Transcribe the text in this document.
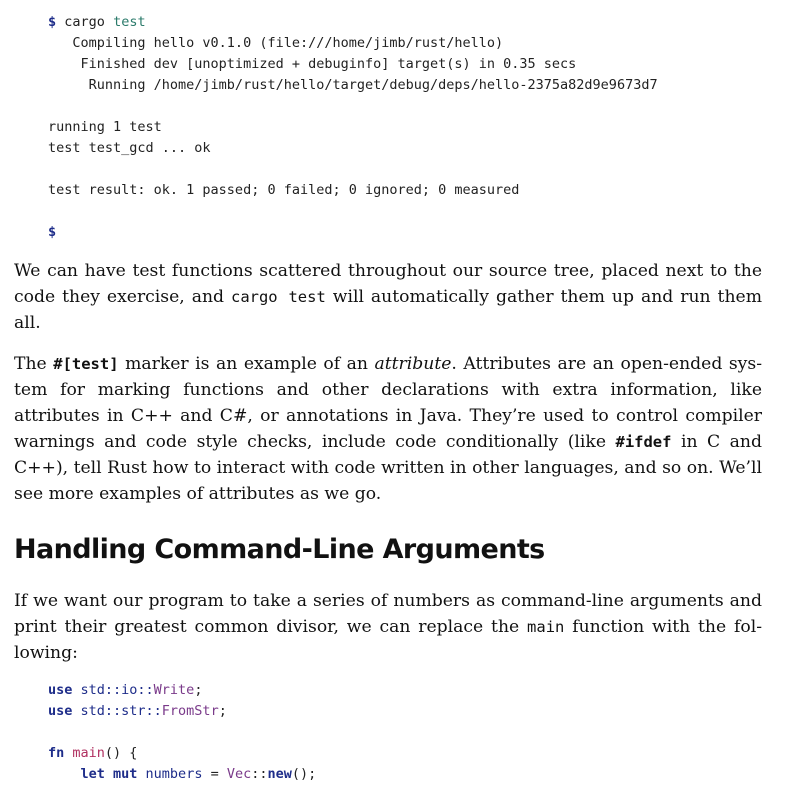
$ cargo test
Compiling hello v0.1.0 (file:///home/jimb/rust/hello)
Finished dev [unoptimized + debuginfo] target(s) in 0.35 secs
Running /home/jimb/rust/hello/target/debug/deps/hello-2375a82d9e9673d7
running 1 test
test test_gcd ... ok
test result: ok. 1 passed; 0 failed; 0 ignored; 0 measured
$

We can have test functions scattered throughout our source tree, placed next to the code they exercise, and cargo test will automatically gather them up and run them all.

The #[test] marker is an example of an attribute. Attributes are an open-ended system for marking functions and other declarations with extra information, like attributes in C++ and C#, or annotations in Java. They’re used to control compiler warnings and code style checks, include code conditionally (like #ifdef in C and C++), tell Rust how to interact with code written in other languages, and so on. We’ll see more examples of attributes as we go.

Handling Command-Line Arguments

If we want our program to take a series of numbers as command-line arguments and print their greatest common divisor, we can replace the main function with the following:

use std::io::Write;
use std::str::FromStr;
fn main() {
let mut numbers = Vec::new();
